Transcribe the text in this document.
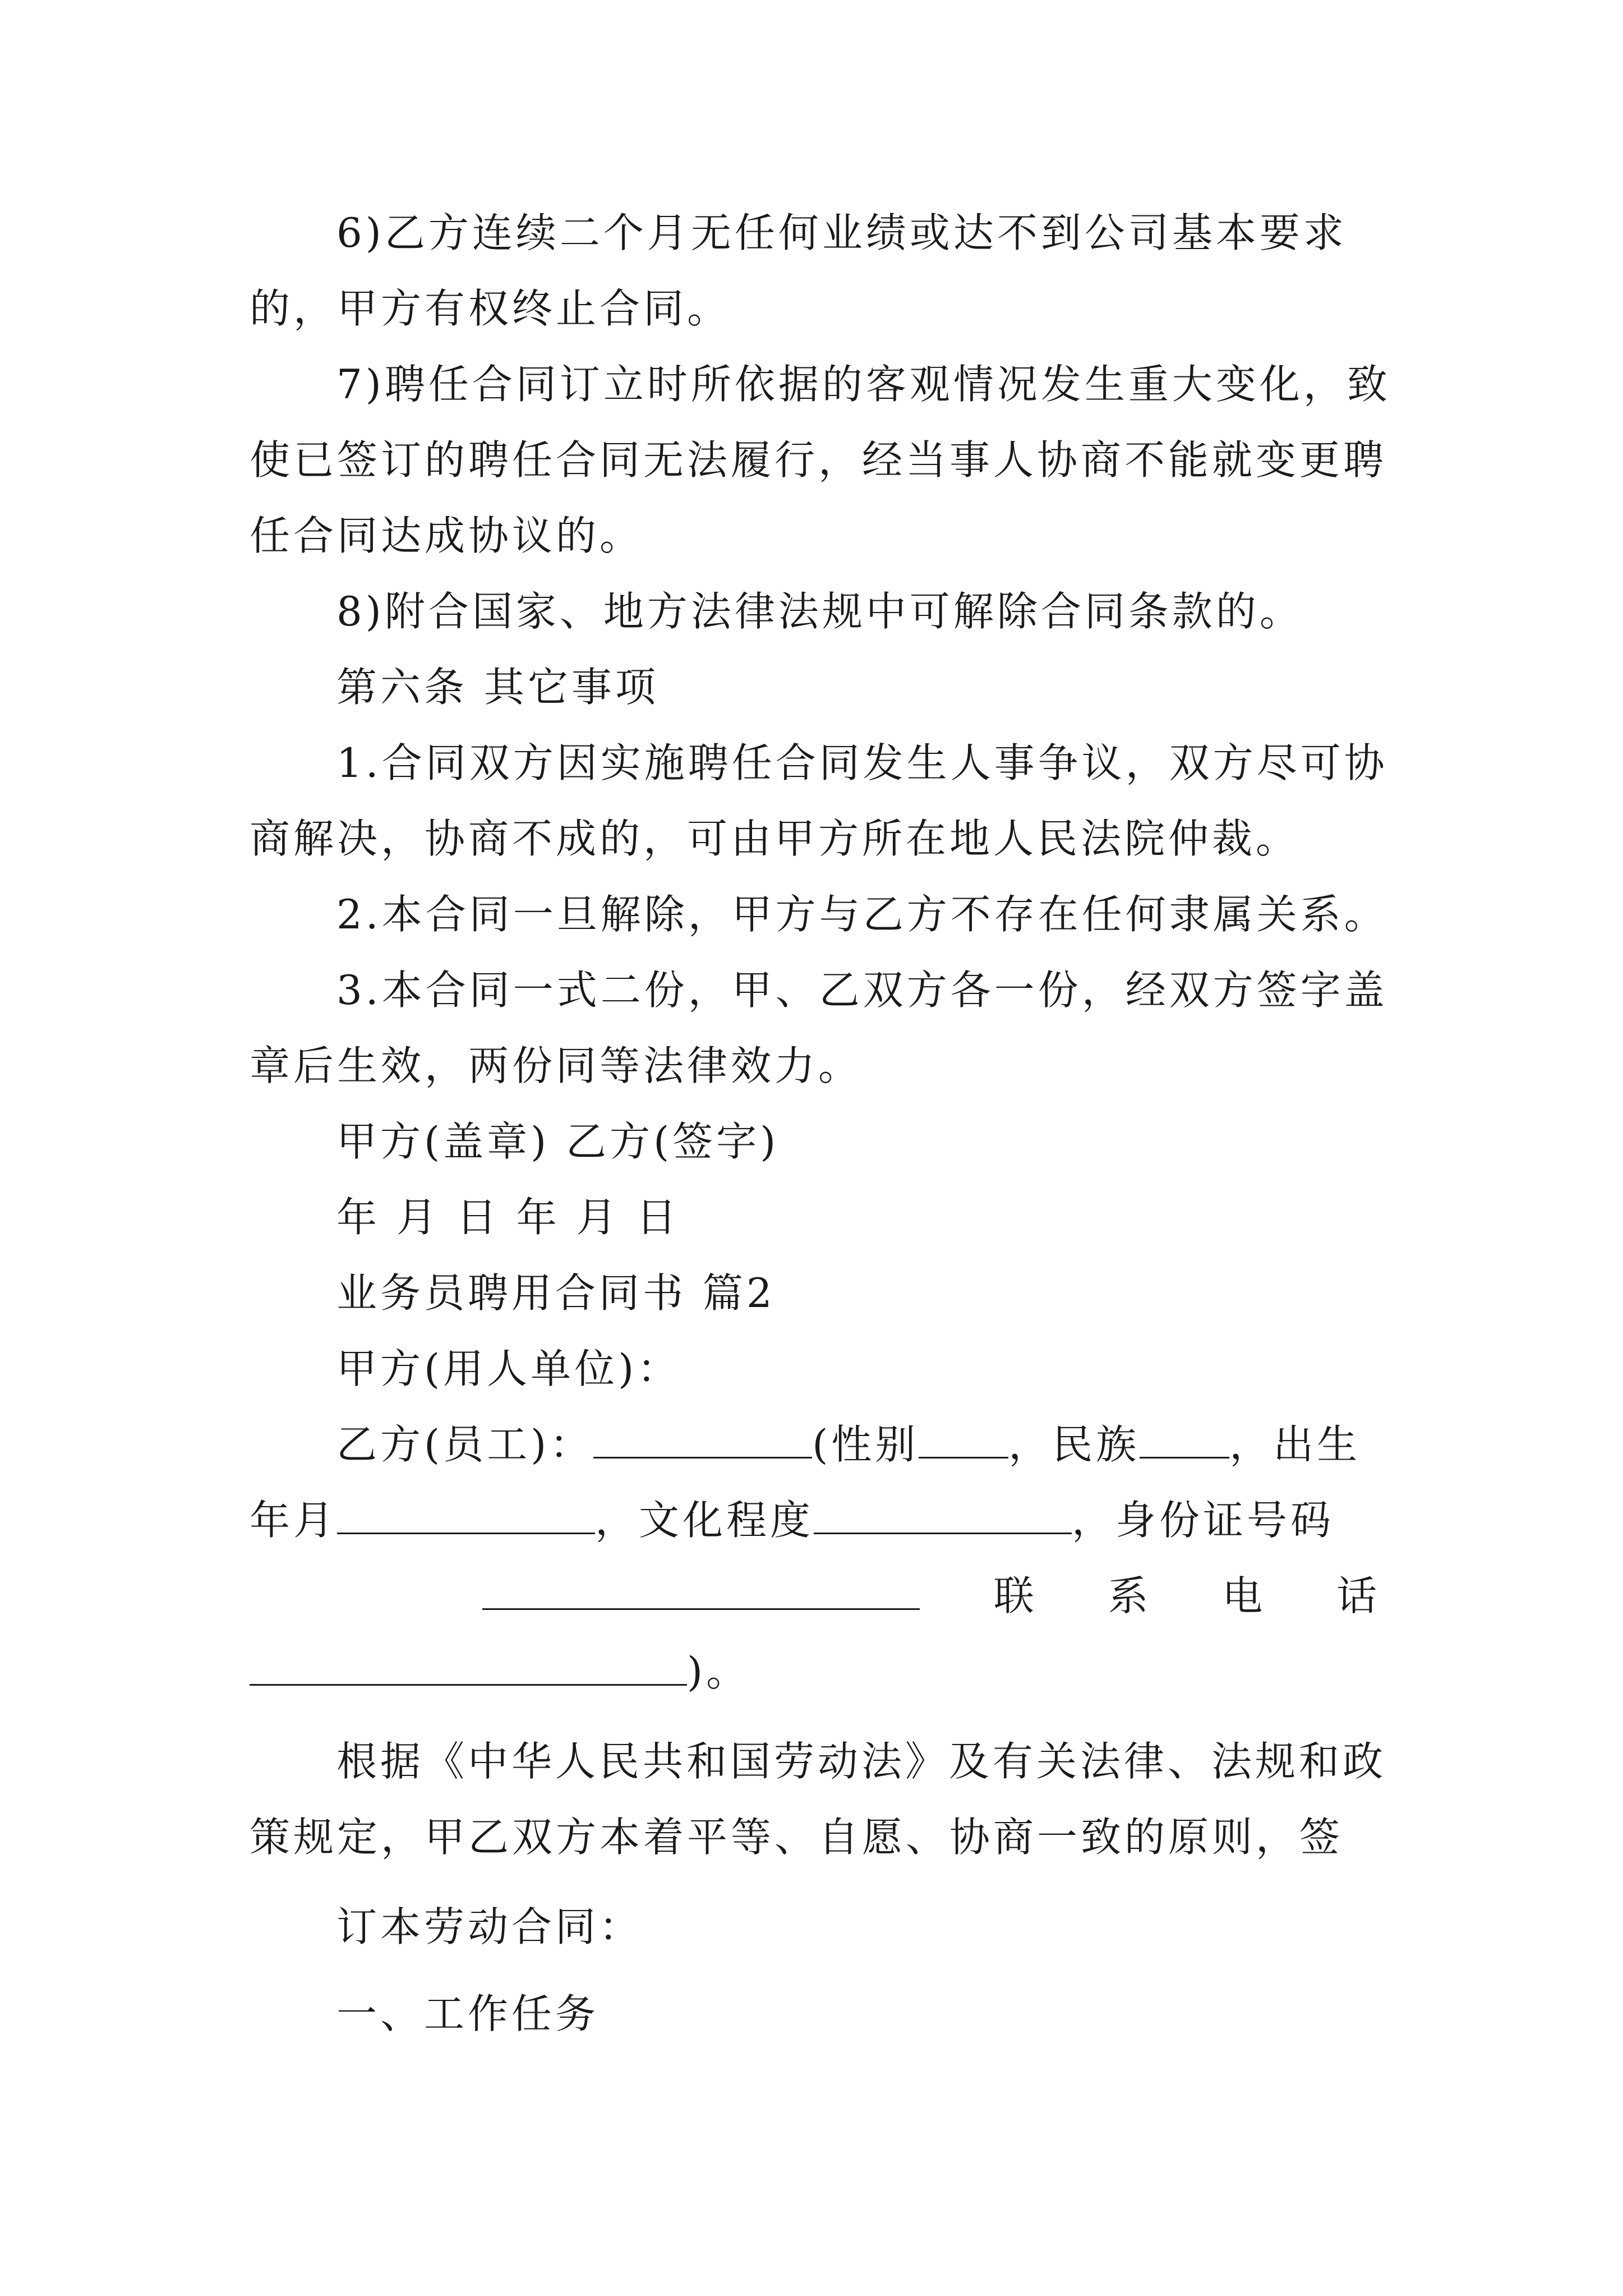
6)乙方连续二个月无任何业绩或达不到公司基本要求
的，甲方有权终止合同。
7)聘任合同订立时所依据的客观情况发生重大变化，致
使已签订的聘任合同无法履行，经当事人协商不能就变更聘
任合同达成协议的。
8)附合国家、地方法律法规中可解除合同条款的。
第六条 其它事项
1.合同双方因实施聘任合同发生人事争议，双方尽可协
商解决，协商不成的，可由甲方所在地人民法院仲裁。
2.本合同一旦解除，甲方与乙方不存在任何隶属关系。
3.本合同一式二份，甲、乙双方各一份，经双方签字盖
章后生效，两份同等法律效力。
甲方(盖章) 乙方(签字)
年 月 日 年 月 日
业务员聘用合同书 篇2
甲方(用人单位)：
乙方(员工)：	(性别 ，民族 ，出生
年月	，文化程度	，身份证号码
联 系 电 话
)。
根据《中华人民共和国劳动法》及有关法律、法规和政
策规定，甲乙双方本着平等、自愿、协商一致的原则，签
订本劳动合同：
一、工作任务
